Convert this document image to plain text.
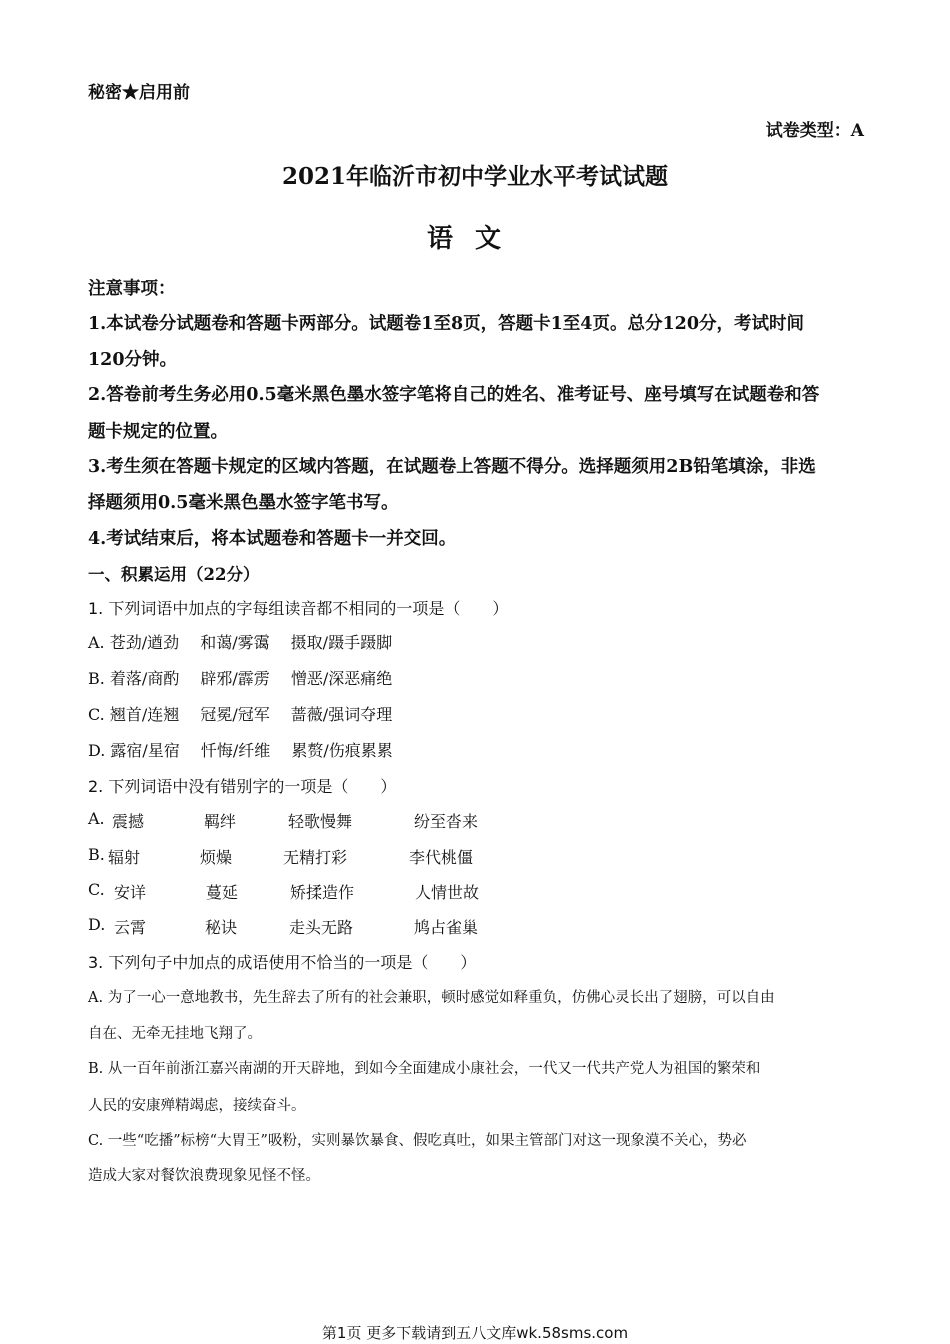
秘密★启用前
试卷类型：A
2021年临沂市初中学业水平考试试题
语文
注意事项：
1.本试卷分试题卷和答题卡两部分。试题卷1至8页，答题卡1至4页。总分120分，考试时间
120分钟。
2.答卷前考生务必用0.5毫米黑色墨水签字笔将自己的姓名、准考证号、座号填写在试题卷和答
题卡规定的位置。
3.考生须在答题卡规定的区域内答题，在试题卷上答题不得分。选择题须用2B铅笔填涂，非选
择题须用0.5毫米黑色墨水签字笔书写。
4.考试结束后，将本试题卷和答题卡一并交回。
一、积累运用（22分）
1. 下列词语中加点的字每组读音都不相同的一项是（　　）
A. 苍劲/遒劲　 和蔼/雾霭　 摄取/蹑手蹑脚
B. 着落/商酌　 辟邪/霹雳　 憎恶/深恶痛绝
C. 翘首/连翘　 冠冕/冠军　 蔷薇/强词夺理
D. 露宿/星宿　 忏悔/纤维　 累赘/伤痕累累
2. 下列词语中没有错别字的一项是（　　）
A. 震撼	羁绊	轻歌慢舞	纷至沓来
B. 辐射	烦燥	无精打彩	李代桃僵
C. 安详	蔓延	矫揉造作	人情世故
D. 云霄	秘诀	走头无路	鸠占雀巢
3. 下列句子中加点的成语使用不恰当的一项是（　　）
A. 为了一心一意地教书，先生辞去了所有的社会兼职，顿时感觉如释重负，仿佛心灵长出了翅膀，可以自由
自在、无牵无挂地飞翔了。
B. 从一百年前浙江嘉兴南湖的开天辟地，到如今全面建成小康社会，一代又一代共产党人为祖国的繁荣和
人民的安康殚精竭虑，接续奋斗。
C. 一些“吃播”标榜“大胃王”吸粉，实则暴饮暴食、假吃真吐，如果主管部门对这一现象漠不关心，势必
造成大家对餐饮浪费现象见怪不怪。
第1页 更多下载请到五八文库wk.58sms.com
